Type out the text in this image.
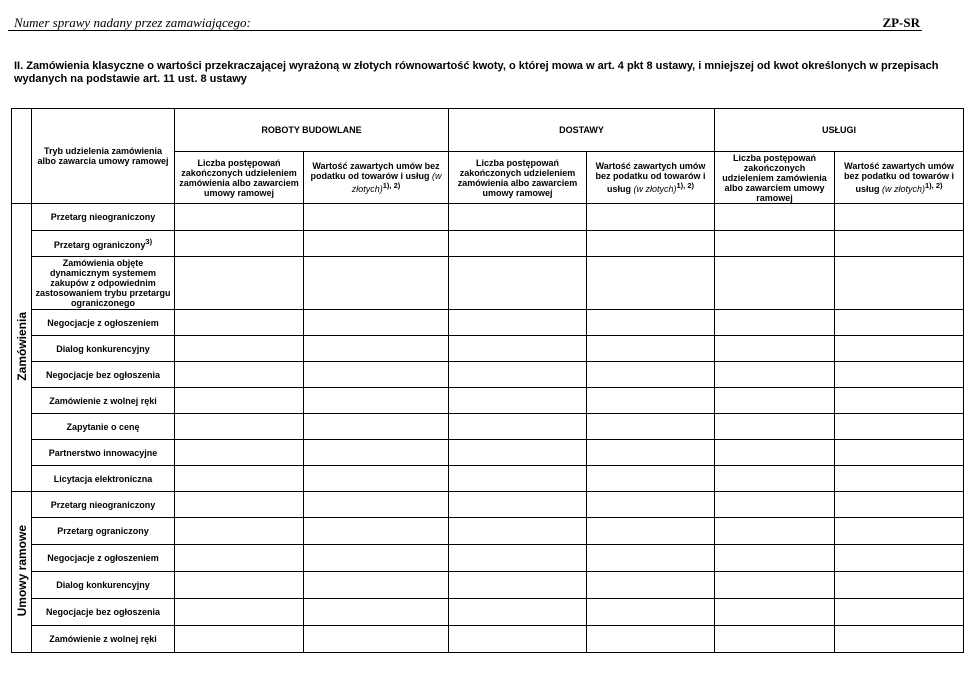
Numer sprawy nadany przez zamawiającego:	ZP-SR
II. Zamówienia klasyczne o wartości przekraczającej wyrażoną w złotych równowartość kwoty, o której mowa w art. 4 pkt 8 ustawy, i mniejszej od kwot określonych w przepisach wydanych na podstawie art. 11 ust. 8 ustawy
	Tryb udzielenia zamówienia albo zawarcia umowy ramowej	ROBOTY BUDOWLANE		DOSTAWY		USŁUGI	
		Liczba postępowań zakończonych udzieleniem zamówienia albo zawarciem umowy ramowej	Wartość zawartych umów bez podatku od towarów i usług (w złotych)$^{1), 2)}$	Liczba postępowań zakończonych udzieleniem zamówienia albo zawarciem umowy ramowej	Wartość zawartych umów bez podatku od towarów i usług (w złotych)$^{1), 2)}$	Liczba postępowań zakończonych udzieleniem zamówienia albo zawarciem umowy ramowej	Wartość zawartych umów bez podatku od towarów i usług (w złotych)$^{1), 2)}$
Zamówienia	Przetarg nieograniczony						
	Przetarg ograniczony$^{3)}$						
	Zamówienia objęte dynamicznym systemem zakupów z odpowiednim zastosowaniem trybu przetargu ograniczonego						
	Negocjacje z ogłoszeniem						
	Dialog konkurencyjny						
	Negocjacje bez ogłoszenia						
	Zamówienie z wolnej ręki						
	Zapytanie o cenę						
	Partnerstwo innowacyjne						
	Licytacja elektroniczna						
Umowy ramowe	Przetarg nieograniczony						
	Przetarg ograniczony						
	Negocjacje z ogłoszeniem						
	Dialog konkurencyjny						
	Negocjacje bez ogłoszenia						
	Zamówienie z wolnej ręki						
